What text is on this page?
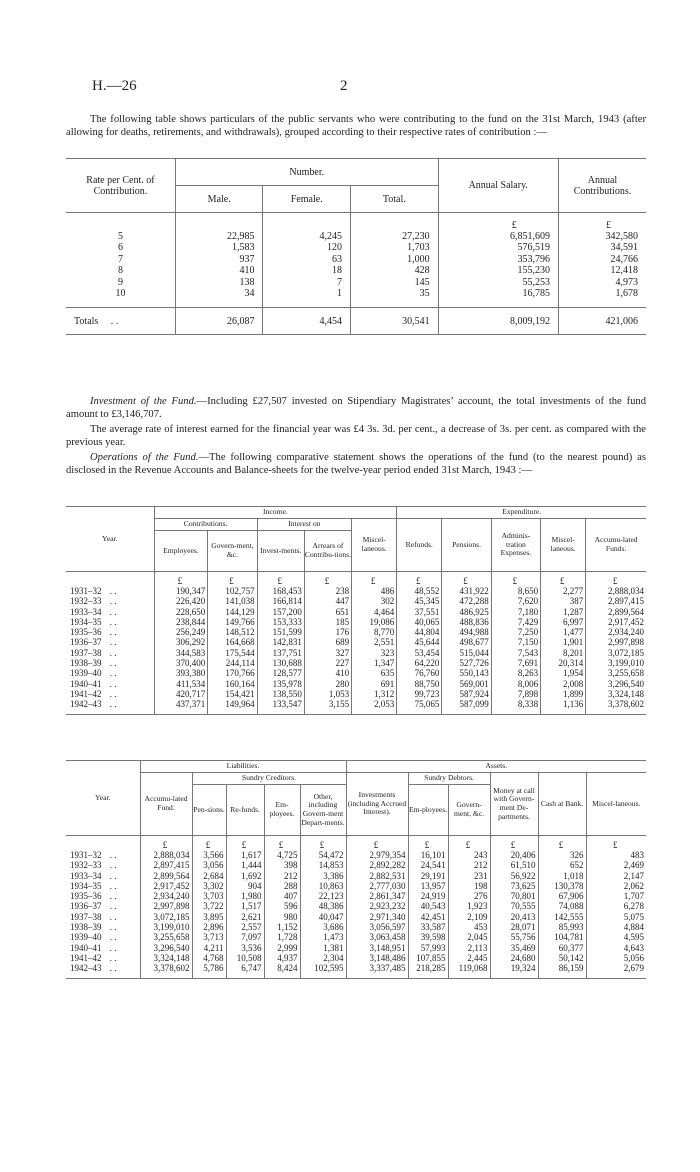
H.—26	2
The following table shows particulars of the public servants who were contributing to the fund on the 31st March, 1943 (after allowing for deaths, retirements, and withdrawals), grouped according to their respective rates of contribution :—
Rate per Cent. of Contribution.	Number.			Annual Salary.	Annual Contributions.
	Male.	Female.	Total.		
				£	£
5	22,985	4,245	27,230	6,851,609	342,580
6	1,583	120	1,703	576,519	34,591
7	937	63	1,000	353,796	24,766
8	410	18	428	155,230	12,418
9	138	7	145	55,253	4,973
10	34	1	35	16,785	1,678

Totals . .	26,087	4,454	30,541	8,009,192	421,006
Investment of the Fund.—Including £27,507 invested on Stipendiary Magistrates’ account, the total investments of the fund amount to £3,146,707.
The average rate of interest earned for the financial year was £4 3s. 3d. per cent., a decrease of 3s. per cent. as compared with the previous year.
Operations of the Fund.—The following comparative statement shows the operations of the fund (to the nearest pound) as disclosed in the Revenue Accounts and Balance-sheets for the twelve-year period ended 31st March, 1943 :—
Year.	Income.					Expenditure.				
	Contributions.		Interest on		Miscel-laneous.	Refunds.	Pensions.	Adminis-tration Expenses.	Miscel-laneous.	Accumu-lated Funds.
	Employees.	Govern-ment, &c.	Invest-ments.	Arrears of Contribu-tions.						
	£	£	£	£	£	£	£	£	£	£
1931–32 . .	190,347	102,757	168,453	238	486	48,552	431,922	8,650	2,277	2,888,034
1932–33 . .	226,420	141,038	166,814	447	302	45,345	472,288	7,620	387	2,897,415
1933–34 . .	228,650	144,129	157,200	651	4,464	37,551	486,925	7,180	1,287	2,899,564
1934–35 . .	238,844	149,766	153,333	185	19,086	40,065	488,836	7,429	6,997	2,917,452
1935–36 . .	256,249	148,512	151,599	176	8,770	44,804	494,988	7,250	1,477	2,934,240
1936–37 . .	306,292	164,668	142,831	689	2,551	45,644	498,677	7,150	1,901	2,997,898
1937–38 . .	344,583	175,544	137,751	327	323	53,454	515,044	7,543	8,201	3,072,185
1938–39 . .	370,400	244,114	130,688	227	1,347	64,220	527,726	7,691	20,314	3,199,010
1939–40 . .	393,380	170,766	128,577	410	635	76,760	550,143	8,263	1,954	3,255,658
1940–41 . .	411,534	160,164	135,978	280	691	88,750	569,001	8,006	2,008	3,296,540
1941–42 . .	420,717	154,421	138,550	1,053	1,312	99,723	587,924	7,898	1,899	3,324,148
1942–43 . .	437,371	149,964	133,547	3,155	2,053	75,065	587,099	8,338	1,136	3,378,602

Year.	Liabilities.					Assets.					
	Accumu-lated Fund.	Sundry Creditors.				Investments (including Accrued Interest).	Sundry Debtors.		Money at call with Govern-ment De-partments.	Cash at Bank.	Miscel-laneous.
		Pen-sions.	Re-funds.	Em-ployees.	Other, including Govern-ment Depart-ments.		Em-ployees.	Govern-ment, &c.			
	£	£	£	£	£	£	£	£	£	£	£
1931–32 . .	2,888,034	3,566	1,617	4,725	54,472	2,979,354	16,101	243	20,406	326	483
1932–33 . .	2,897,415	3,056	1,444	398	14,853	2,892,282	24,541	212	61,510	652	2,469
1933–34 . .	2,899,564	2,684	1,692	212	3,386	2,882,531	29,191	231	56,922	1,018	2,147
1934–35 . .	2,917,452	3,302	904	288	10,863	2,777,030	13,957	198	73,625	130,378	2,062
1935–36 . .	2,934,240	3,703	1,980	407	22,123	2,861,347	24,919	276	70,801	67,906	1,707
1936–37 . .	2,997,898	3,722	1,517	596	48,386	2,923,232	40,543	1,923	70,555	74,088	6,278
1937–38 . .	3,072,185	3,895	2,621	980	40,047	2,971,340	42,451	2,109	20,413	142,555	5,075
1938–39 . .	3,199,010	2,896	2,557	1,152	3,686	3,056,597	33,587	453	28,071	85,993	4,884
1939–40 . .	3,255,658	3,713	7,097	1,728	1,473	3,063,458	39,598	2,045	55,756	104,781	4,595
1940–41 . .	3,296,540	4,211	3,536	2,999	1,381	3,148,951	57,993	2,113	35,469	60,377	4,643
1941–42 . .	3,324,148	4,768	10,508	4,937	2,304	3,148,486	107,855	2,445	24,680	50,142	5,056
1942–43 . .	3,378,602	5,786	6,747	8,424	102,595	3,337,485	218,285	119,068	19,324	86,159	2,679
